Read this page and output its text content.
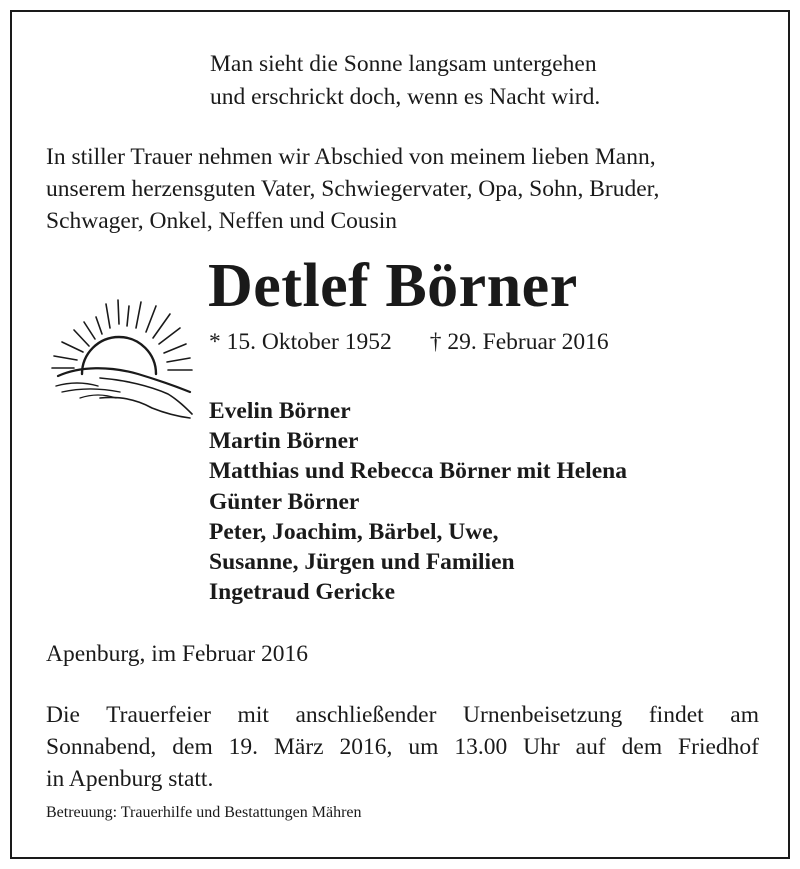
Man sieht die Sonne langsam untergehen
und erschrickt doch, wenn es Nacht wird.
In stiller Trauer nehmen wir Abschied von meinem lieben Mann,
unserem herzensguten Vater, Schwiegervater, Opa, Sohn, Bruder,
Schwager, Onkel, Neffen und Cousin
Detlef Börner
* 15. Oktober 1952 † 29. Februar 2016
Evelin Börner
Martin Börner
Matthias und Rebecca Börner mit Helena
Günter Börner
Peter, Joachim, Bärbel, Uwe,
Susanne, Jürgen und Familien
Ingetraud Gericke
Apenburg, im Februar 2016
Die Trauerfeier mit anschließender Urnenbeisetzung findet am
Sonnabend, dem 19. März 2016, um 13.00 Uhr auf dem Friedhof
in Apenburg statt.
Betreuung: Trauerhilfe und Bestattungen Mähren
